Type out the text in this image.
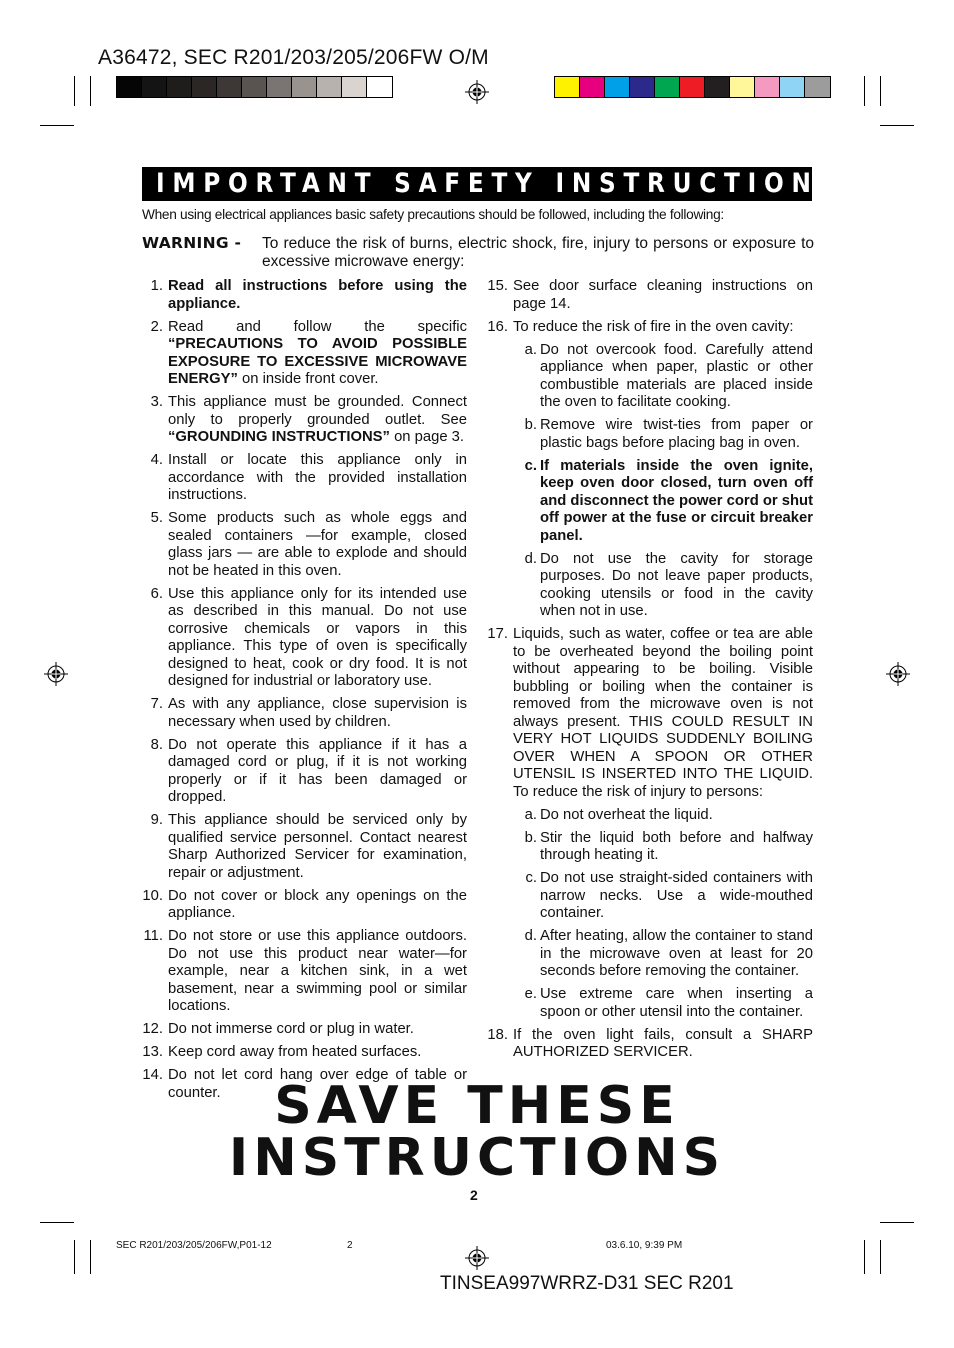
A36472, SEC R201/203/205/206FW O/M
IMPORTANT SAFETY INSTRUCTIONS
When using electrical appliances basic safety precautions should be followed, including the following:
WARNING - To reduce the risk of burns, electric shock, fire, injury to persons or exposure to excessive microwave energy:
1. Read all instructions before using the appliance.
2. Read and follow the specific “PRECAUTIONS TO AVOID POSSIBLE EXPOSURE TO EXCESSIVE MICROWAVE ENERGY” on inside front cover.
3. This appliance must be grounded. Connect only to properly grounded outlet. See “GROUNDING INSTRUCTIONS” on page 3.
4. Install or locate this appliance only in accordance with the provided installation instructions.
5. Some products such as whole eggs and sealed containers —for example, closed glass jars — are able to explode and should not be heated in this oven.
6. Use this appliance only for its intended use as described in this manual. Do not use corrosive chemicals or vapors in this appliance. This type of oven is specifically designed to heat, cook or dry food. It is not designed for industrial or laboratory use.
7. As with any appliance, close supervision is necessary when used by children.
8. Do not operate this appliance if it has a damaged cord or plug, if it is not working properly or if it has been damaged or dropped.
9. This appliance should be serviced only by qualified service personnel. Contact nearest Sharp Authorized Servicer for examination, repair or adjustment.
10. Do not cover or block any openings on the appliance.
11. Do not store or use this appliance outdoors. Do not use this product near water—for example, near a kitchen sink, in a wet basement, near a swimming pool or similar locations.
12. Do not immerse cord or plug in water.
13. Keep cord away from heated surfaces.
14. Do not let cord hang over edge of table or counter.
15. See door surface cleaning instructions on page 14.
16. To reduce the risk of fire in the oven cavity:
a. Do not overcook food. Carefully attend appliance when paper, plastic or other combustible materials are placed inside the oven to facilitate cooking.
b. Remove wire twist-ties from paper or plastic bags before placing bag in oven.
c. If materials inside the oven ignite, keep oven door closed, turn oven off and disconnect the power cord or shut off power at the fuse or circuit breaker panel.
d. Do not use the cavity for storage purposes. Do not leave paper products, cooking utensils or food in the cavity when not in use.
17. Liquids, such as water, coffee or tea are able to be overheated beyond the boiling point without appearing to be boiling. Visible bubbling or boiling when the container is removed from the microwave oven is not always present. THIS COULD RESULT IN VERY HOT LIQUIDS SUDDENLY BOILING OVER WHEN A SPOON OR OTHER UTENSIL IS INSERTED INTO THE LIQUID. To reduce the risk of injury to persons:
a. Do not overheat the liquid.
b. Stir the liquid both before and halfway through heating it.
c. Do not use straight-sided containers with narrow necks. Use a wide-mouthed container.
d. After heating, allow the container to stand in the microwave oven at least for 20 seconds before removing the container.
e. Use extreme care when inserting a spoon or other utensil into the container.
18. If the oven light fails, consult a SHARP AUTHORIZED SERVICER.
SAVE THESE
INSTRUCTIONS
2
SEC R201/203/205/206FW,P01-12	2	03.6.10, 9:39 PM
TINSEA997WRRZ-D31 SEC R201
